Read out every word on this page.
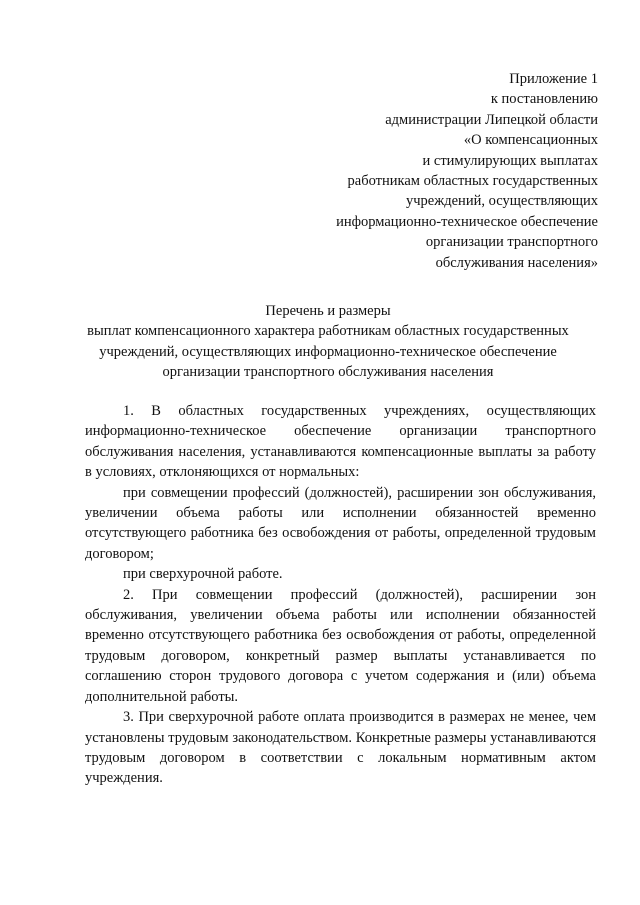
Приложение 1
к постановлению
администрации Липецкой области
«О компенсационных
и стимулирующих выплатах
работникам областных государственных
учреждений, осуществляющих
информационно-техническое обеспечение
организации транспортного
обслуживания населения»
Перечень и размеры
выплат компенсационного характера работникам областных государственных
учреждений, осуществляющих информационно-техническое обеспечение
организации транспортного обслуживания населения

1. В областных государственных учреждениях, осуществляющих информационно-техническое обеспечение организации транспортного обслуживания населения, устанавливаются компенсационные выплаты за работу в условиях, отклоняющихся от нормальных:

при совмещении профессий (должностей), расширении зон обслуживания, увеличении объема работы или исполнении обязанностей временно отсутствующего работника без освобождения от работы, определенной трудовым договором;

при сверхурочной работе.

2. При совмещении профессий (должностей), расширении зон обслуживания, увеличении объема работы или исполнении обязанностей временно отсутствующего работника без освобождения от работы, определенной трудовым договором, конкретный размер выплаты устанавливается по соглашению сторон трудового договора с учетом содержания и (или) объема дополнительной работы.

3. При сверхурочной работе оплата производится в размерах не менее, чем установлены трудовым законодательством. Конкретные размеры устанавливаются трудовым договором в соответствии с локальным нормативным актом учреждения.
